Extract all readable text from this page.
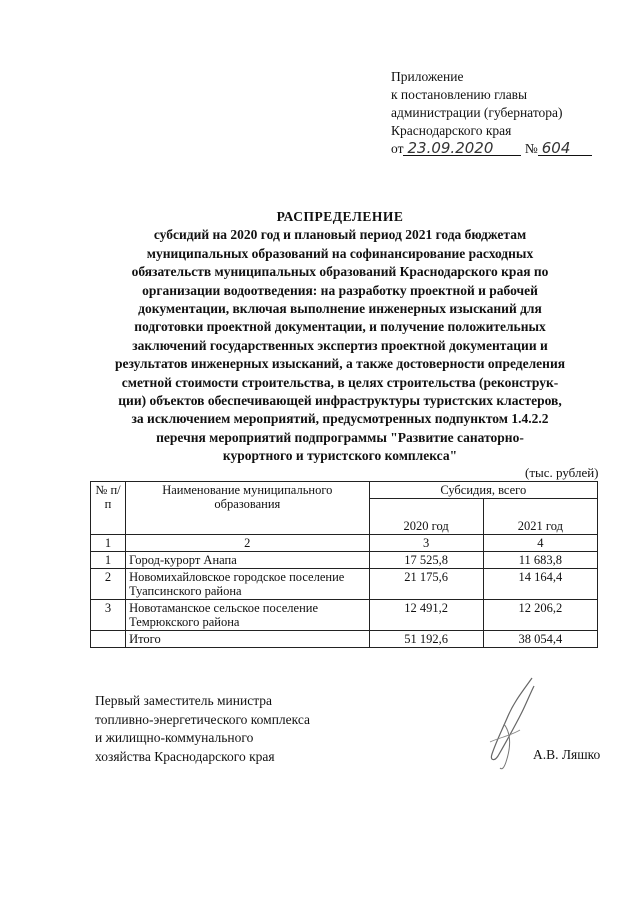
Приложение
к постановлению главы
администрации (губернатора)
Краснодарского края
от 23.09.2020 № 604
РАСПРЕДЕЛЕНИЕ
субсидий на 2020 год и плановый период 2021 года бюджетам
муниципальных образований на софинансирование расходных
обязательств муниципальных образований Краснодарского края по
организации водоотведения: на разработку проектной и рабочей
документации, включая выполнение инженерных изысканий для
подготовки проектной документации, и получение положительных
заключений государственных экспертиз проектной документации и
результатов инженерных изысканий, а также достоверности определения
сметной стоимости строительства, в целях строительства (реконструк-
ции) объектов обеспечивающей инфраструктуры туристских кластеров,
за исключением мероприятий, предусмотренных подпунктом 1.4.2.2
перечня мероприятий подпрограммы "Развитие санаторно-
курортного и туристского комплекса"
(тыс. рублей)
№ п/п	Наименование муниципального образования	Субсидия, всего	
		2020 год	2021 год
1	2	3	4
1	Город-курорт Анапа	17 525,8	11 683,8
2	Новомихайловское городское поселение Туапсинского района	21 175,6	14 164,4
3	Новотаманское сельское поселение Темрюкского района	12 491,2	12 206,2
	Итого	51 192,6	38 054,4
Первый заместитель министра
топливно-энергетического комплекса
и жилищно-коммунального
хозяйства Краснодарского края	А.В. Ляшко
